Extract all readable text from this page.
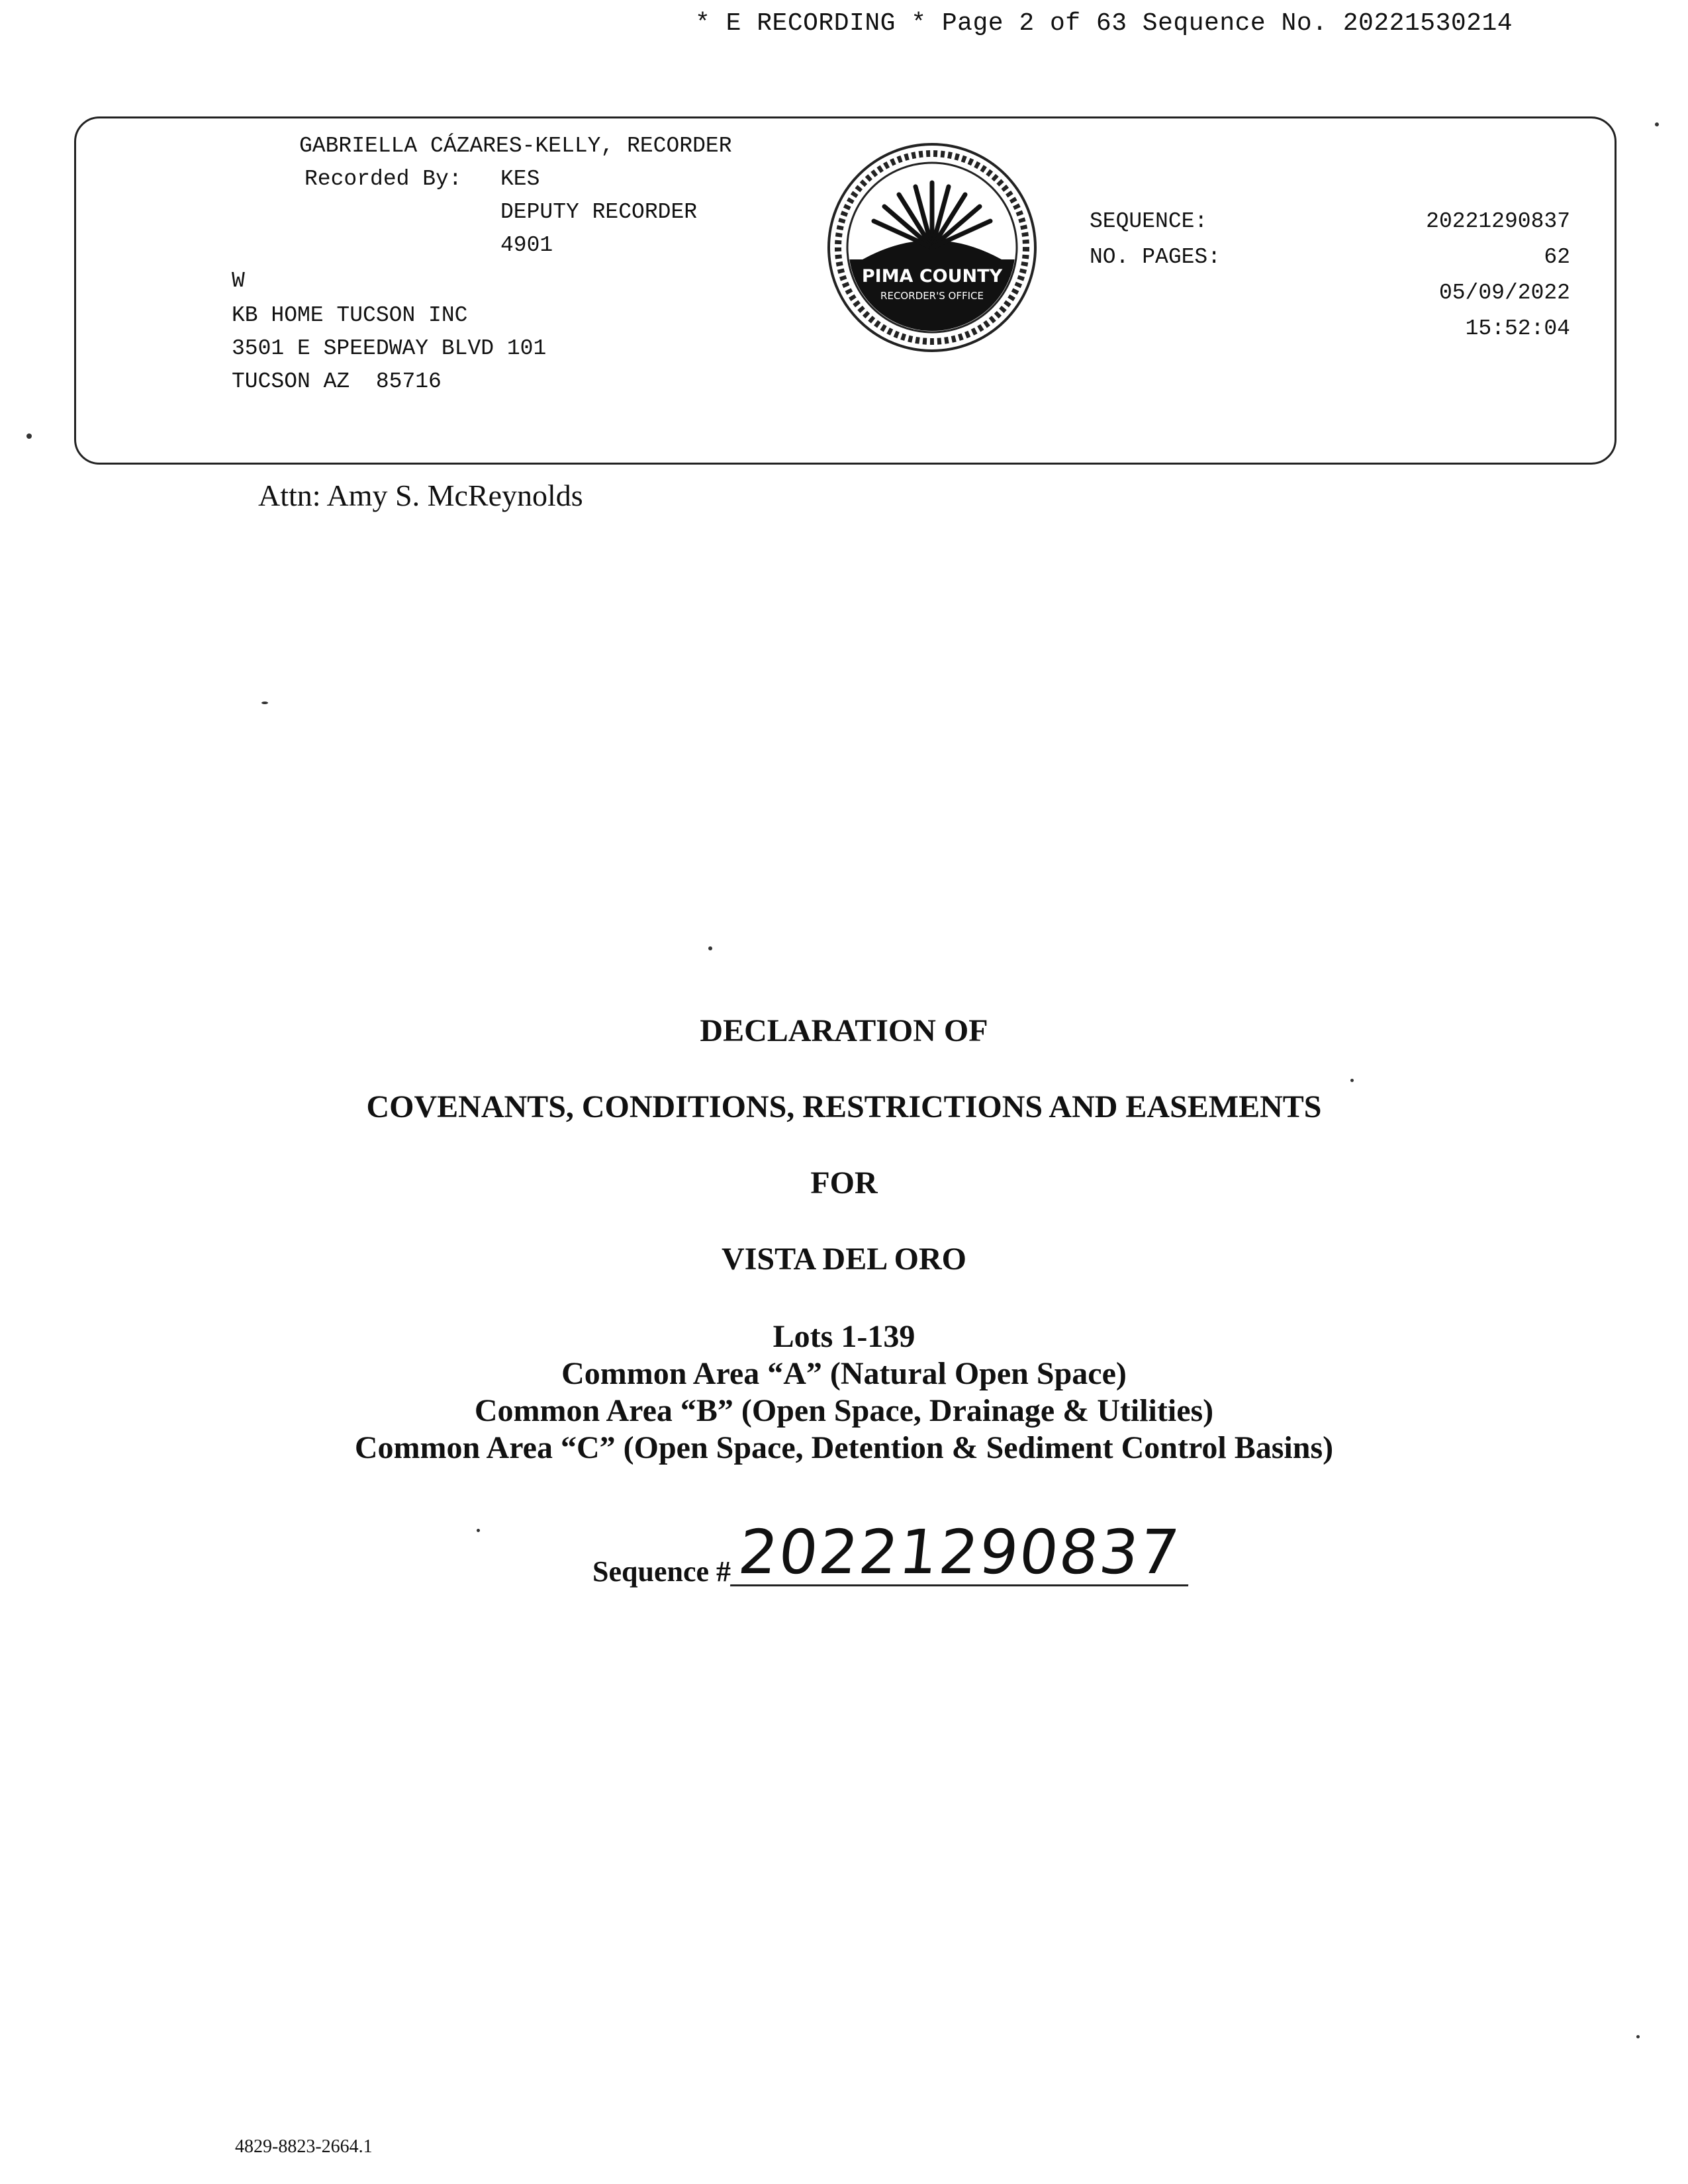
* E RECORDING * Page 2 of 63 Sequence No. 20221530214
GABRIELLA CÁZARES-KELLY, RECORDER
Recorded By: KES
DEPUTY RECORDER
4901
W
KB HOME TUCSON INC
3501 E SPEEDWAY BLVD 101
TUCSON AZ  85716
SEQUENCE:
NO. PAGES:
20221290837
62
05/09/2022
15:52:04
PIMA COUNTY
RECORDER'S OFFICE
Attn: Amy S. McReynolds
DECLARATION OF
COVENANTS, CONDITIONS, RESTRICTIONS AND EASEMENTS
FOR
VISTA DEL ORO
Lots 1-139
Common Area “A” (Natural Open Space)
Common Area “B” (Open Space, Drainage & Utilities)
Common Area “C” (Open Space, Detention & Sediment Control Basins)
Sequence # 20221290837
4829-8823-2664.1
